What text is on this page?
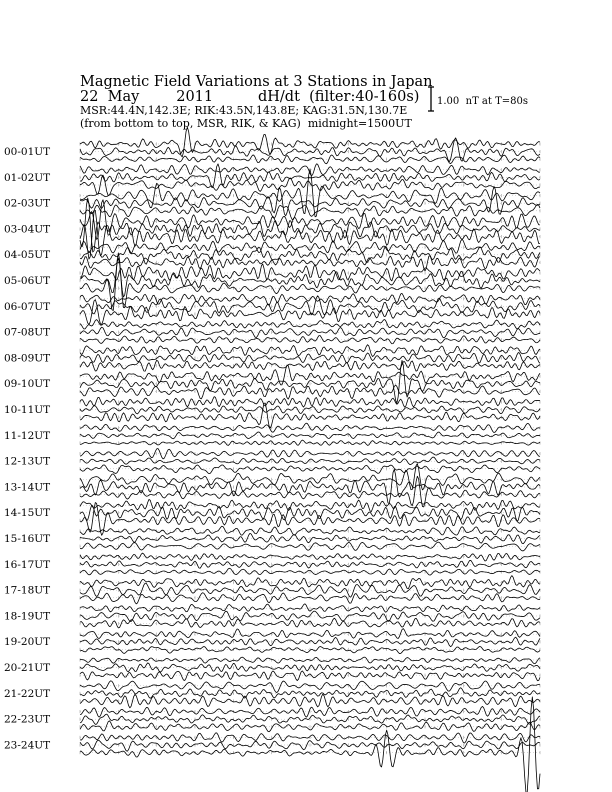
Magnetic Field Variations at 3 Stations in Japan
22  May        2011	dH/dt  (filter:40-160s)
MSR:44.4N,142.3E; RIK:43.5N,143.8E; KAG:31.5N,130.7E
(from bottom to top, MSR, RIK, & KAG)  midnight=1500UT
1.00  nT at T=80s
00-01UT
01-02UT
02-03UT
03-04UT
04-05UT
05-06UT
06-07UT
07-08UT
08-09UT
09-10UT
10-11UT
11-12UT
12-13UT
13-14UT
14-15UT
15-16UT
16-17UT
17-18UT
18-19UT
19-20UT
20-21UT
21-22UT
22-23UT
23-24UT
